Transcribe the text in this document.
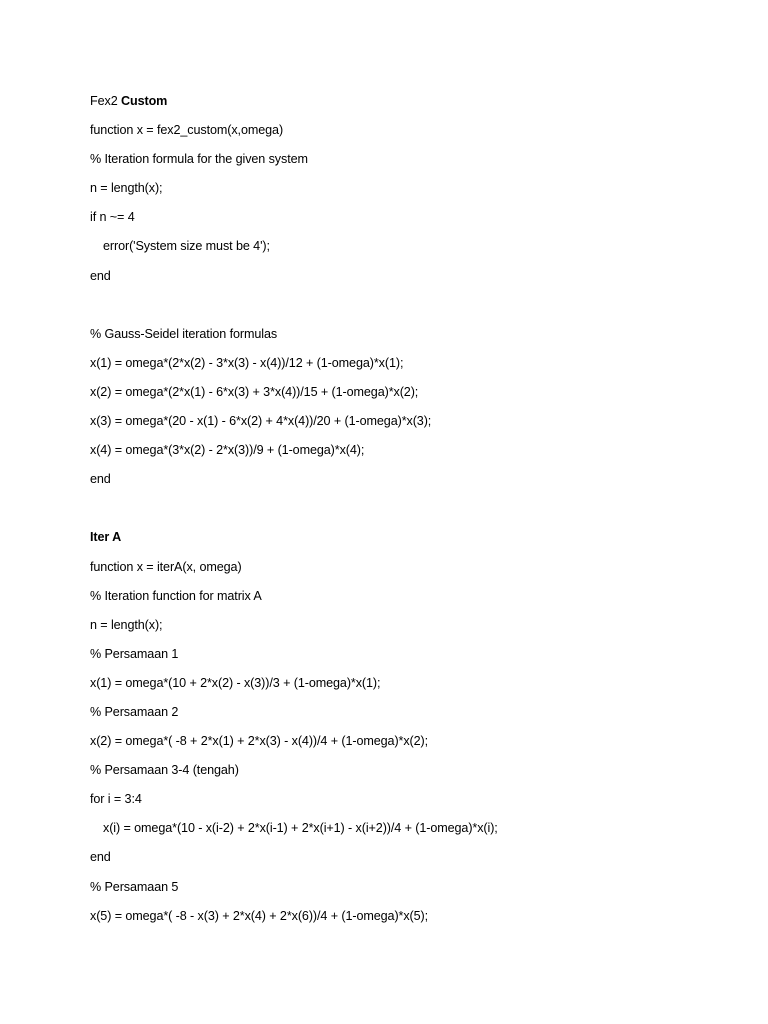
Fex2 Custom
function x = fex2_custom(x,omega)
% Iteration formula for the given system
n = length(x);
if n ~= 4
error('System size must be 4');
end
% Gauss-Seidel iteration formulas
x(1) = omega*(2*x(2) - 3*x(3) - x(4))/12 + (1-omega)*x(1);
x(2) = omega*(2*x(1) - 6*x(3) + 3*x(4))/15 + (1-omega)*x(2);
x(3) = omega*(20 - x(1) - 6*x(2) + 4*x(4))/20 + (1-omega)*x(3);
x(4) = omega*(3*x(2) - 2*x(3))/9 + (1-omega)*x(4);
end
Iter A
function x = iterA(x, omega)
% Iteration function for matrix A
n = length(x);
% Persamaan 1
x(1) = omega*(10 + 2*x(2) - x(3))/3 + (1-omega)*x(1);
% Persamaan 2
x(2) = omega*( -8 + 2*x(1) + 2*x(3) - x(4))/4 + (1-omega)*x(2);
% Persamaan 3-4 (tengah)
for i = 3:4
x(i) = omega*(10 - x(i-2) + 2*x(i-1) + 2*x(i+1) - x(i+2))/4 + (1-omega)*x(i);
end
% Persamaan 5
x(5) = omega*( -8 - x(3) + 2*x(4) + 2*x(6))/4 + (1-omega)*x(5);
